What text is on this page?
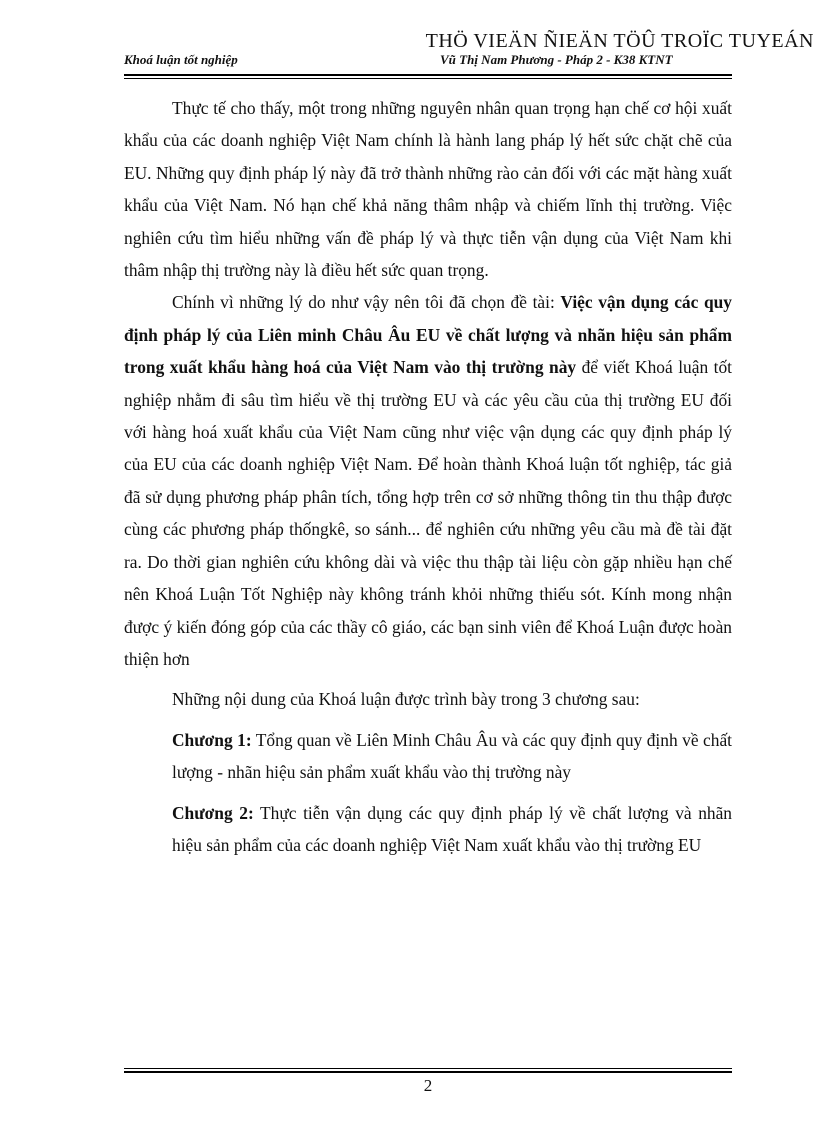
THÖ VIEÄN ÑIEÄN TÖÛ TROÏC TUYEÁN
Khoá luận tốt nghiệp	Vũ Thị Nam Phương - Pháp 2 - K38 KTNT

Thực tế cho thấy, một trong những nguyên nhân quan trọng hạn chế cơ hội xuất khẩu của các doanh nghiệp Việt Nam chính là hành lang pháp lý hết sức chặt chẽ của EU. Những quy định pháp lý này đã trở thành những rào cản đối với các mặt hàng xuất khẩu của Việt Nam. Nó hạn chế khả năng thâm nhập và chiếm lĩnh thị trường. Việc nghiên cứu tìm hiểu những vấn đề pháp lý và thực tiễn vận dụng của Việt Nam khi thâm nhập thị trường này là điều hết sức quan trọng.

Chính vì những lý do như vậy nên tôi đã chọn đề tài: Việc vận dụng các quy định pháp lý của Liên minh Châu Âu EU về chất lượng và nhãn hiệu sản phẩm trong xuất khẩu hàng hoá của Việt Nam vào thị trường này để viết Khoá luận tốt nghiệp nhằm đi sâu tìm hiểu về thị trường EU và các yêu cầu của thị trường EU đối với hàng hoá xuất khẩu của Việt Nam cũng như việc vận dụng các quy định pháp lý của EU của các doanh nghiệp Việt Nam. Để hoàn thành Khoá luận tốt nghiệp, tác giả đã sử dụng phương pháp phân tích, tổng hợp trên cơ sở những thông tin thu thập được cùng các phương pháp thốngkê, so sánh... để nghiên cứu những yêu cầu mà đề tài đặt ra. Do thời gian nghiên cứu không dài và việc thu thập tài liệu còn gặp nhiều hạn chế nên Khoá Luận Tốt Nghiệp này không tránh khỏi những thiếu sót. Kính mong nhận được ý kiến đóng góp của các thầy cô giáo, các bạn sinh viên để Khoá Luận được hoàn thiện hơn

Những nội dung của Khoá luận được trình bày trong 3 chương sau:

Chương 1: Tổng quan về Liên Minh Châu Âu và các quy định quy định về chất lượng - nhãn hiệu sản phẩm xuất khẩu vào thị trường này

Chương 2: Thực tiễn vận dụng các quy định pháp lý về chất lượng và nhãn hiệu sản phẩm của các doanh nghiệp Việt Nam xuất khẩu vào thị trường EU

2
